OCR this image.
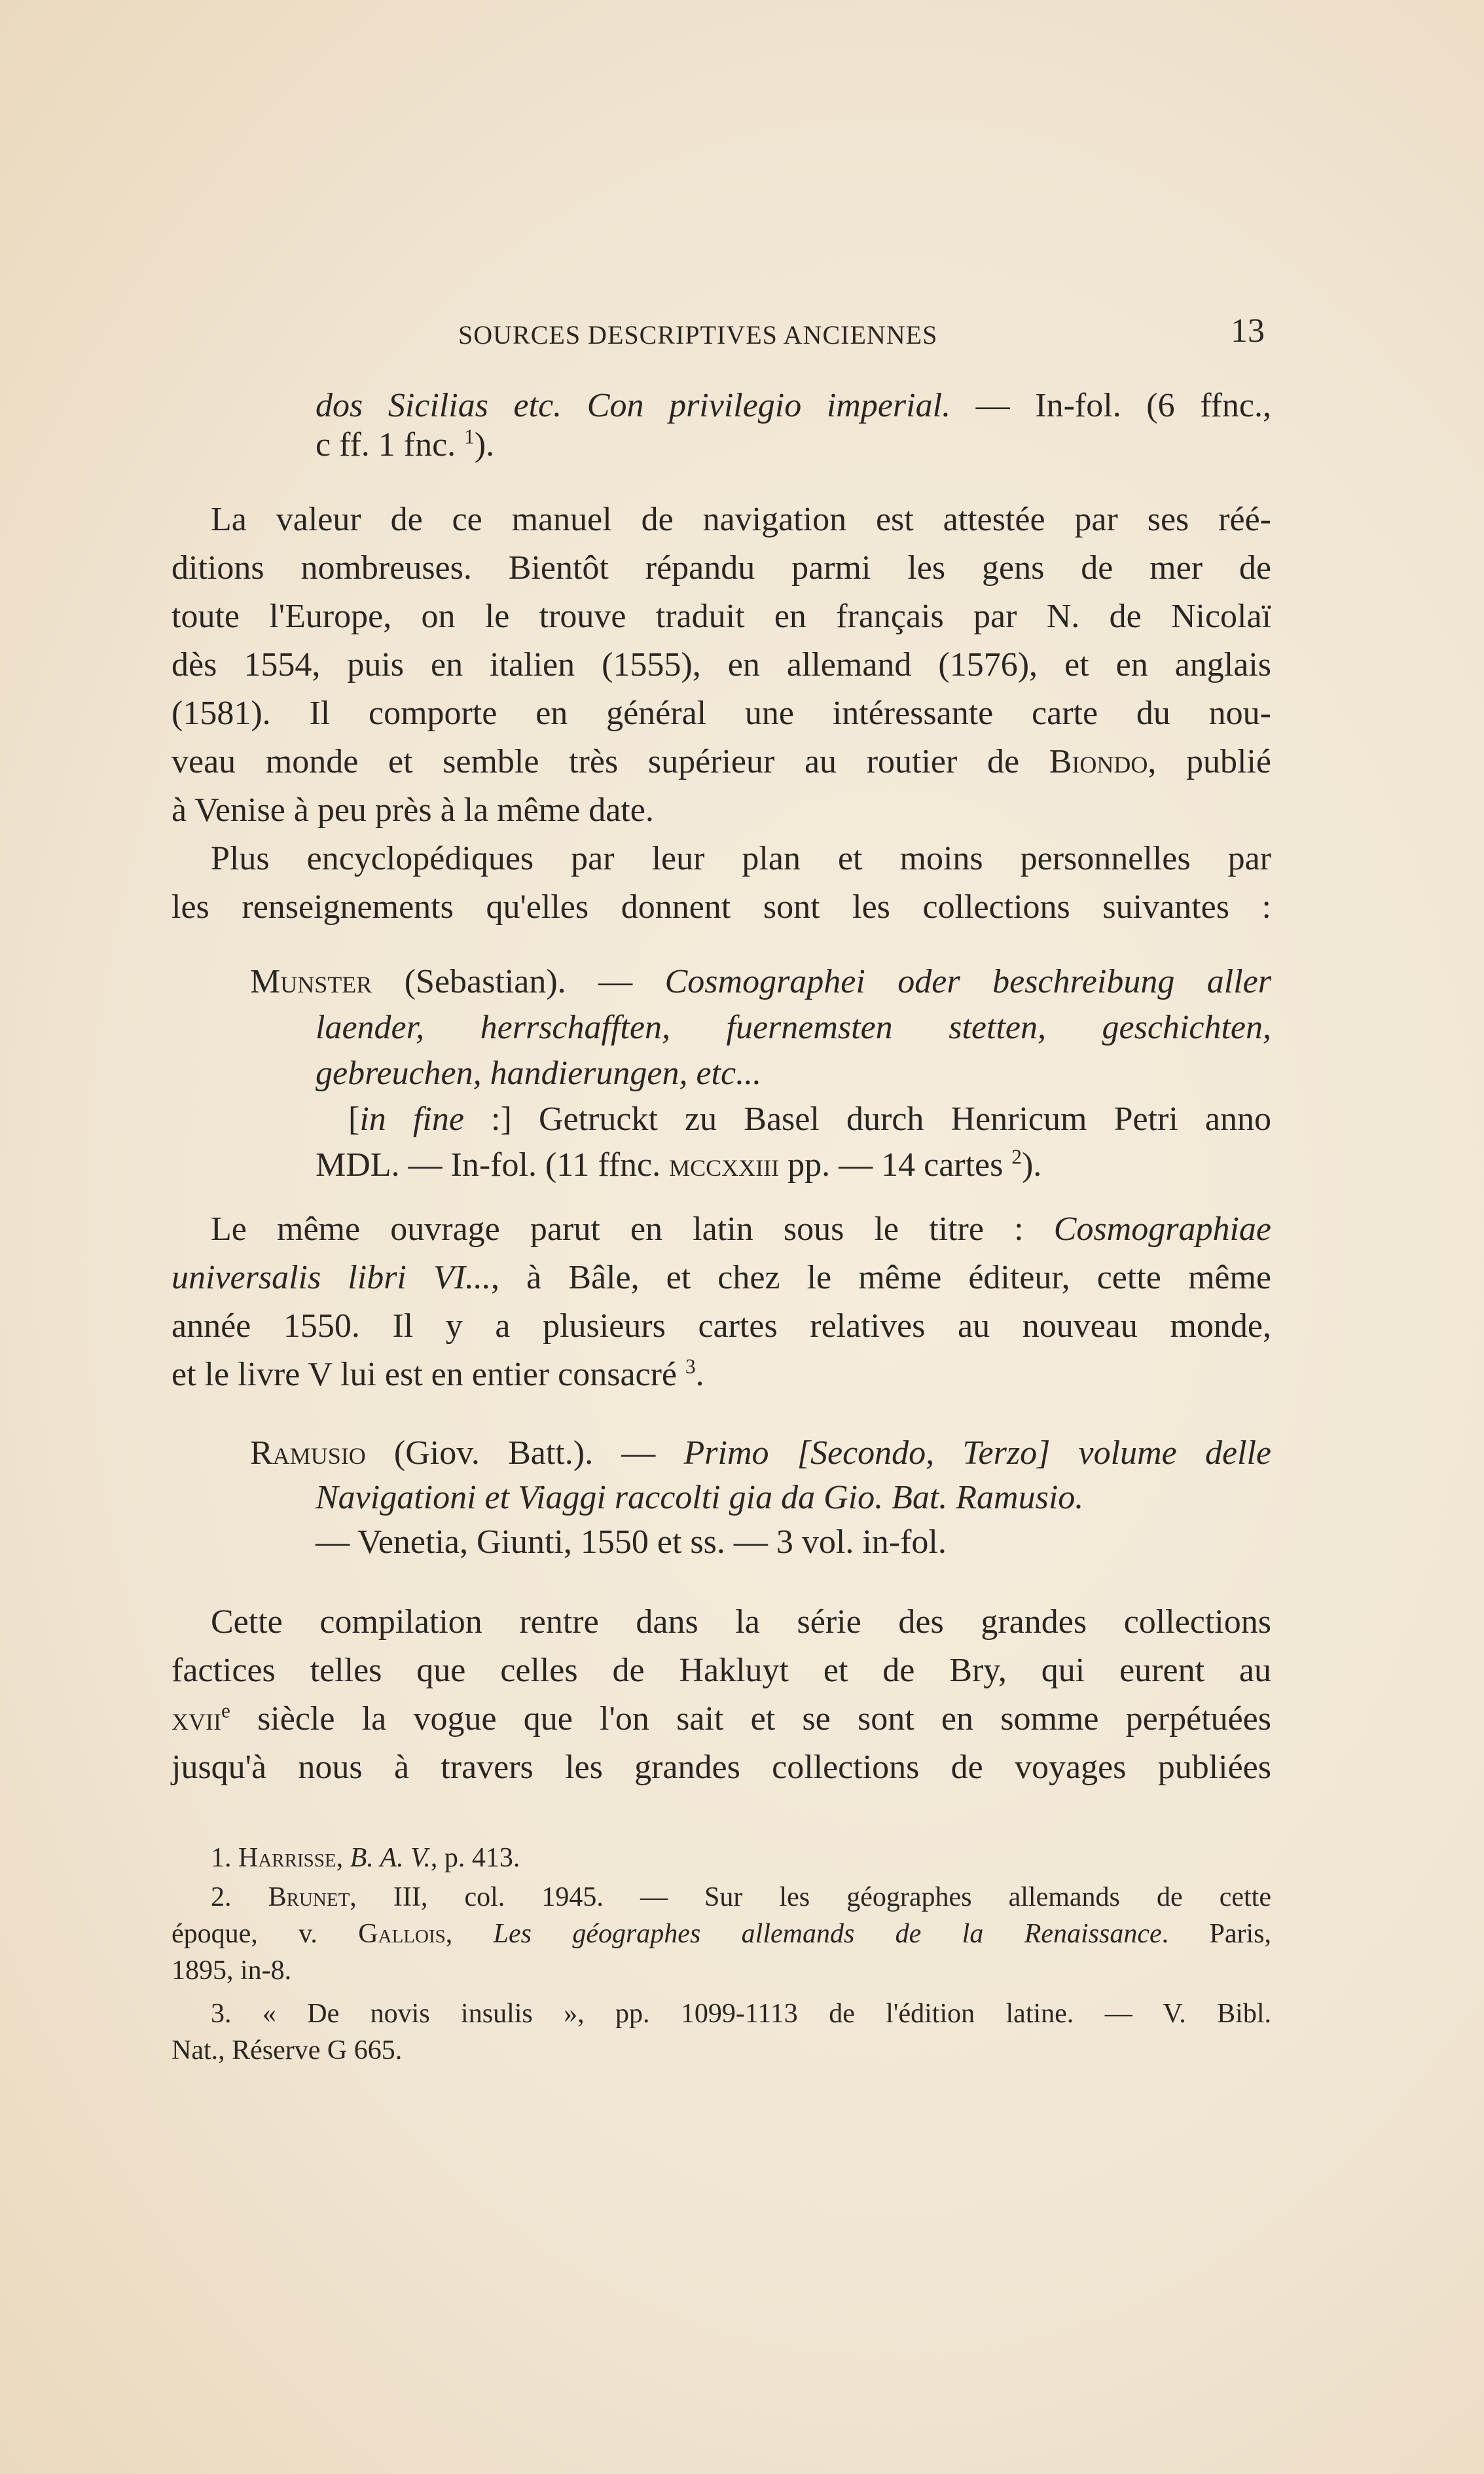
SOURCES DESCRIPTIVES ANCIENNES	13
dos Sicilias etc. Con privilegio imperial. — In-fol. (6 ffnc.,
c ff. 1 fnc. $^1$).
La valeur de ce manuel de navigation est attestée par ses réé-
ditions nombreuses. Bientôt répandu parmi les gens de mer de
toute l'Europe, on le trouve traduit en français par N. de Nicolaï
dès 1554, puis en italien (1555), en allemand (1576), et en anglais
(1581). Il comporte en général une intéressante carte du nou-
veau monde et semble très supérieur au routier de Biondo, publié
à Venise à peu près à la même date.
Plus encyclopédiques par leur plan et moins personnelles par
les renseignements qu'elles donnent sont les collections suivantes :
Munster (Sebastian). — Cosmographei oder beschreibung aller
laender, herrschafften, fuernemsten stetten, geschichten,
gebreuchen, handierungen, etc...
[in fine :] Getruckt zu Basel durch Henricum Petri anno
MDL. — In-fol. (11 ffnc. mccxxiii pp. — 14 cartes $^2$).
Le même ouvrage parut en latin sous le titre : Cosmographiae
universalis libri VI..., à Bâle, et chez le même éditeur, cette même
année 1550. Il y a plusieurs cartes relatives au nouveau monde,
et le livre V lui est en entier consacré $^3$.
Ramusio (Giov. Batt.). — Primo [Secondo, Terzo] volume delle
Navigationi et Viaggi raccolti gia da Gio. Bat. Ramusio.
— Venetia, Giunti, 1550 et ss. — 3 vol. in-fol.
Cette compilation rentre dans la série des grandes collections
factices telles que celles de Hakluyt et de Bry, qui eurent au
xvii$^e$ siècle la vogue que l'on sait et se sont en somme perpétuées
jusqu'à nous à travers les grandes collections de voyages publiées
1. Harrisse, B. A. V., p. 413.
2. Brunet, III, col. 1945. — Sur les géographes allemands de cette
époque, v. Gallois, Les géographes allemands de la Renaissance. Paris,
1895, in-8.
3. « De novis insulis », pp. 1099-1113 de l'édition latine. — V. Bibl.
Nat., Réserve G 665.
